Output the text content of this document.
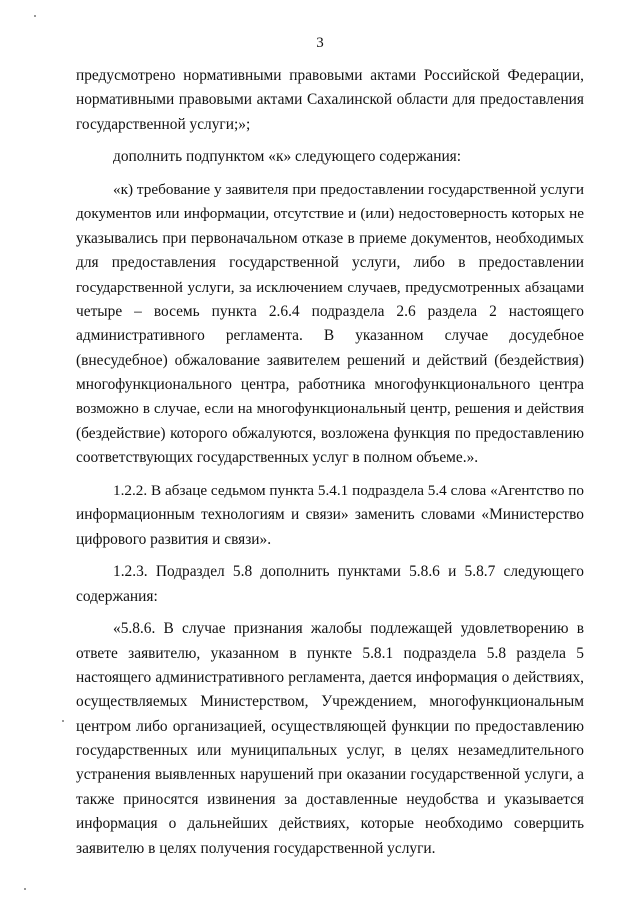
3
предусмотрено нормативными правовыми актами Российской Федерации,
нормативными правовыми актами Сахалинской области для предоставления
государственной услуги;»;
дополнить подпунктом «к» следующего содержания:
«к) требование у заявителя при предоставлении государственной услуги
документов или информации, отсутствие и (или) недостоверность которых не
указывались при первоначальном отказе в приеме документов, необходимых
для предоставления государственной услуги, либо в предоставлении
государственной услуги, за исключением случаев, предусмотренных абзацами
четыре – восемь пункта 2.6.4 подраздела 2.6 раздела 2 настоящего
административного регламента. В указанном случае досудебное
(внесудебное) обжалование заявителем решений и действий (бездействия)
многофункционального центра, работника многофункционального центра
возможно в случае, если на многофункциональный центр, решения и действия
(бездействие) которого обжалуются, возложена функция по предоставлению
соответствующих государственных услуг в полном объеме.».
1.2.2. В абзаце седьмом пункта 5.4.1 подраздела 5.4 слова «Агентство по
информационным технологиям и связи» заменить словами «Министерство
цифрового развития и связи».
1.2.3. Подраздел 5.8 дополнить пунктами 5.8.6 и 5.8.7 следующего
содержания:
«5.8.6. В случае признания жалобы подлежащей удовлетворению в
ответе заявителю, указанном в пункте 5.8.1 подраздела 5.8 раздела 5
настоящего административного регламента, дается информация о действиях,
осуществляемых Министерством, Учреждением, многофункциональным
центром либо организацией, осуществляющей функции по предоставлению
государственных или муниципальных услуг, в целях незамедлительного
устранения выявленных нарушений при оказании государственной услуги, а
также приносятся извинения за доставленные неудобства и указывается
информация о дальнейших действиях, которые необходимо совершить
заявителю в целях получения государственной услуги.
